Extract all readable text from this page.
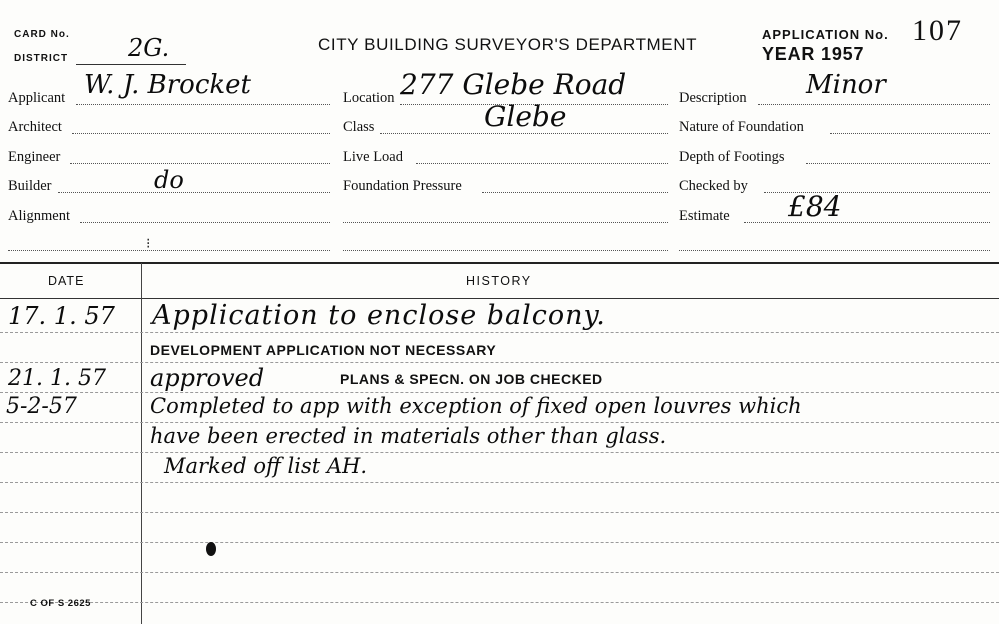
CARD No.
DISTRICT 2G.	CITY BUILDING SURVEYOR'S DEPARTMENT
APPLICATION No. 107
YEAR 1957
Applicant W. J. Brocket
Architect
Engineer
Builder	do
Alignment
Location 277 Glebe Road
Class	Glebe
Live Load
Foundation Pressure
Description Minor
Nature of Foundation
Depth of Footings
Checked by
Estimate £84
⁝
DATE	HISTORY
17. 1. 57 Application to enclose balcony.
DEVELOPMENT APPLICATION NOT NECESSARY
21. 1. 57 approved	PLANS & SPECN. ON JOB CHECKED
5-2-57	Completed to app with exception of fixed open louvres which
have been erected in materials other than glass.
Marked off list AH.
C OF S 2625
